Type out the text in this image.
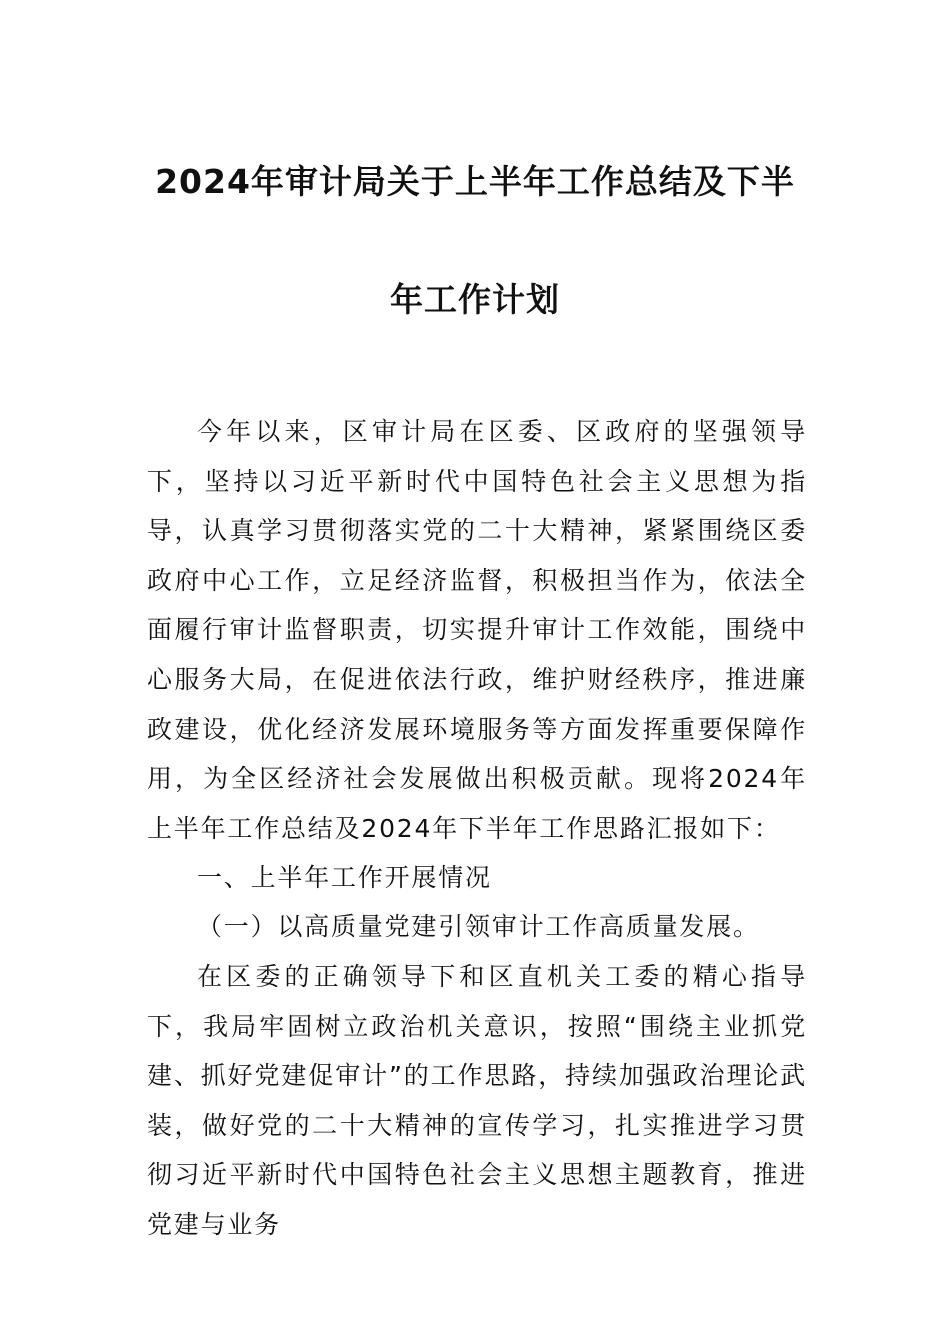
2024年审计局关于上半年工作总结及下半
年工作计划

今年以来，区审计局在区委、区政府的坚强领导下，坚持以习近平新时代中国特色社会主义思想为指导，认真学习贯彻落实党的二十大精神，紧紧围绕区委政府中心工作，立足经济监督，积极担当作为，依法全面履行审计监督职责，切实提升审计工作效能，围绕中心服务大局，在促进依法行政，维护财经秩序，推进廉政建设，优化经济发展环境服务等方面发挥重要保障作用，为全区经济社会发展做出积极贡献。现将2024年上半年工作总结及2024年下半年工作思路汇报如下：

一、上半年工作开展情况

（一）以高质量党建引领审计工作高质量发展。

在区委的正确领导下和区直机关工委的精心指导下，我局牢固树立政治机关意识，按照“围绕主业抓党建、抓好党建促审计”的工作思路，持续加强政治理论武装，做好党的二十大精神的宣传学习，扎实推进学习贯彻习近平新时代中国特色社会主义思想主题教育，推进党建与业务
